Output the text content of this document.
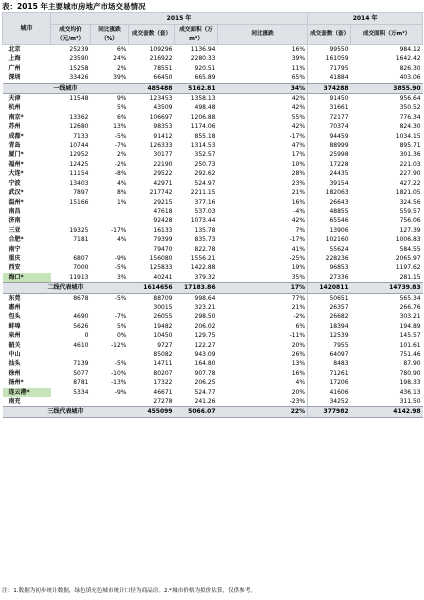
表：2015 年主要城市房地产市场交易情况
城市	2015 年					2014 年	
	成交均价（元/m²）	同比涨跌（%）	成交套数（套）	成交面积（万m²）	同比涨跌	成交套数（套）	成交面积（万m²）
北京	25239	6%	109296	1136.94	16%	99550	984.12
上海	23590	24%	216922	2280.33	39%	161059	1642.42
广州	15258	2%	78551	920.51	11%	71795	826.30
深圳	33426	39%	66450	665.89	65%	41884	403.06
一线城市			485488	5162.81	34%	374288	3855.90
天津	11548	9%	123453	1358.13	42%	91450	956.64
杭州		5%	43509	498.48	42%	31661	350.52
南京*	13362	6%	106697	1206.88	55%	72177	776.34
苏州	12680	13%	98353	1174.06	42%	70374	824.30
成都*	7133	-5%	91412	855.18	-17%	94459	1034.15
青岛	10744	-7%	126333	1314.53	47%	88999	895.71
厦门*	12952	2%	30177	352.57	17%	25998	301.36
福州*	12425	-2%	22190	250.73	10%	17228	221.03
大连*	11154	-8%	29522	292.62	28%	24435	227.90
宁波	13403	4%	42971	524.97	23%	39154	427.22
武汉*	7897	8%	217742	2211.15	21%	182063	1821.05
温州*	15166	1%	29215	377.16	16%	26643	324.56
南昌			47618	537.03	-4%	48855	559.57
济南			92428	1073.44	42%	65546	756.06
三亚	19325	-17%	16133	135.78	7%	13906	127.39
合肥*	7181	4%	79399	835.73	-17%	102160	1006.83
南宁			79470	822.78	41%	55624	584.55
重庆	6807	-9%	156080	1556.21	-25%	228236	2065.97
西安	7000	-5%	125833	1422.88	19%	96853	1197.62
海口*	11913	3%	40241	379.32	35%	27336	281.15
二线代表城市			1614656	17183.86	17%	1420811	14739.83
东莞	8678	-5%	88709	998.64	77%	50651	565.34
惠州			30015	323.21	21%	26357	266.76
包头	4690	-7%	26055	298.50	-2%	26682	303.21
蚌埠	5626	5%	19482	206.02	6%	18394	194.89
泉州	0	0%	10450	129.75	-11%	12539	145.57
韶关	4610	-12%	9727	122.27	20%	7955	101.61
中山			85082	943.09	26%	64097	751.46
汕头	7139	-5%	14711	164.80	13%	8483	87.90
徐州	5077	-10%	80207	907.78	16%	71261	780.90
扬州*	8781	-13%	17322	206.25	4%	17206	198.33
连云港*	5334	-9%	46671	524.77	20%	41606	436.13
南充			27278	241.26	-23%	34252	311.50
三线代表城市			455099	5066.07	22%	377982	4142.98
注：1.数据为初步统计数据，绿色填充色城市统计口径为商品房。2.*城市价格为拟价估算，仅供参考。
